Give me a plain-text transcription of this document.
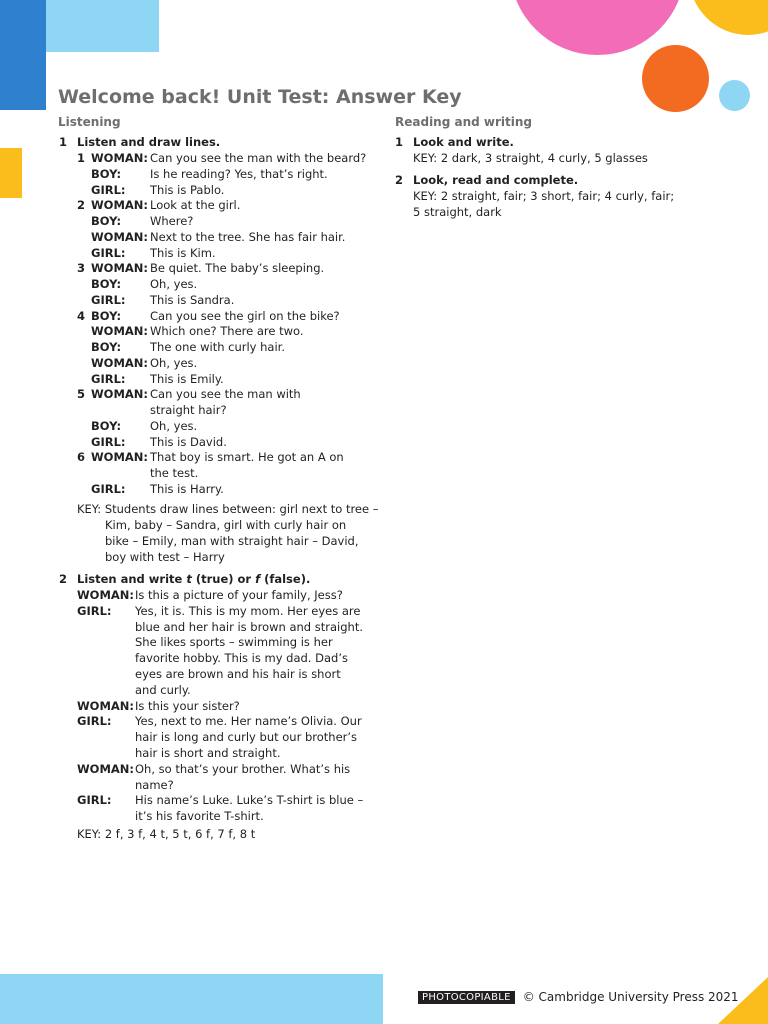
Welcome back! Unit Test: Answer Key
Listening	Reading and writing
1 Listen and draw lines.
1 WOMAN: Can you see the man with the beard?
BOY:	Is he reading? Yes, that’s right.
GIRL: This is Pablo.
2 WOMAN: Look at the girl.
BOY:	Where?
WOMAN: Next to the tree. She has fair hair.
GIRL: This is Kim.
3 WOMAN: Be quiet. The baby’s sleeping.
BOY:	Oh, yes.
GIRL: This is Sandra.
4 BOY:	Can you see the girl on the bike?
WOMAN: Which one? There are two.
BOY:	The one with curly hair.
WOMAN: Oh, yes.
GIRL: This is Emily.
5 WOMAN: Can you see the man with
straight hair?
BOY:	Oh, yes.
GIRL: This is David.
6 WOMAN: That boy is smart. He got an A on
the test.
GIRL: This is Harry.
KEY: Students draw lines between: girl next to tree –
Kim, baby – Sandra, girl with curly hair on
bike – Emily, man with straight hair – David,
boy with test – Harry
2 Listen and write t (true) or f (false).
WOMAN: Is this a picture of your family, Jess?
GIRL: Yes, it is. This is my mom. Her eyes are
blue and her hair is brown and straight.
She likes sports – swimming is her
favorite hobby. This is my dad. Dad’s
eyes are brown and his hair is short
and curly.
WOMAN: Is this your sister?
GIRL: Yes, next to me. Her name’s Olivia. Our
hair is long and curly but our brother’s
hair is short and straight.
WOMAN: Oh, so that’s your brother. What’s his
name?
GIRL: His name’s Luke. Luke’s T-shirt is blue –
it’s his favorite T-shirt.
KEY: 2 f, 3 f, 4 t, 5 t, 6 f, 7 f, 8 t
1 Look and write.
KEY: 2 dark, 3 straight, 4 curly, 5 glasses
2 Look, read and complete.
KEY: 2 straight, fair; 3 short, fair; 4 curly, fair;
5 straight, dark
PHOTOCOPIABLE	© Cambridge University Press 2021
